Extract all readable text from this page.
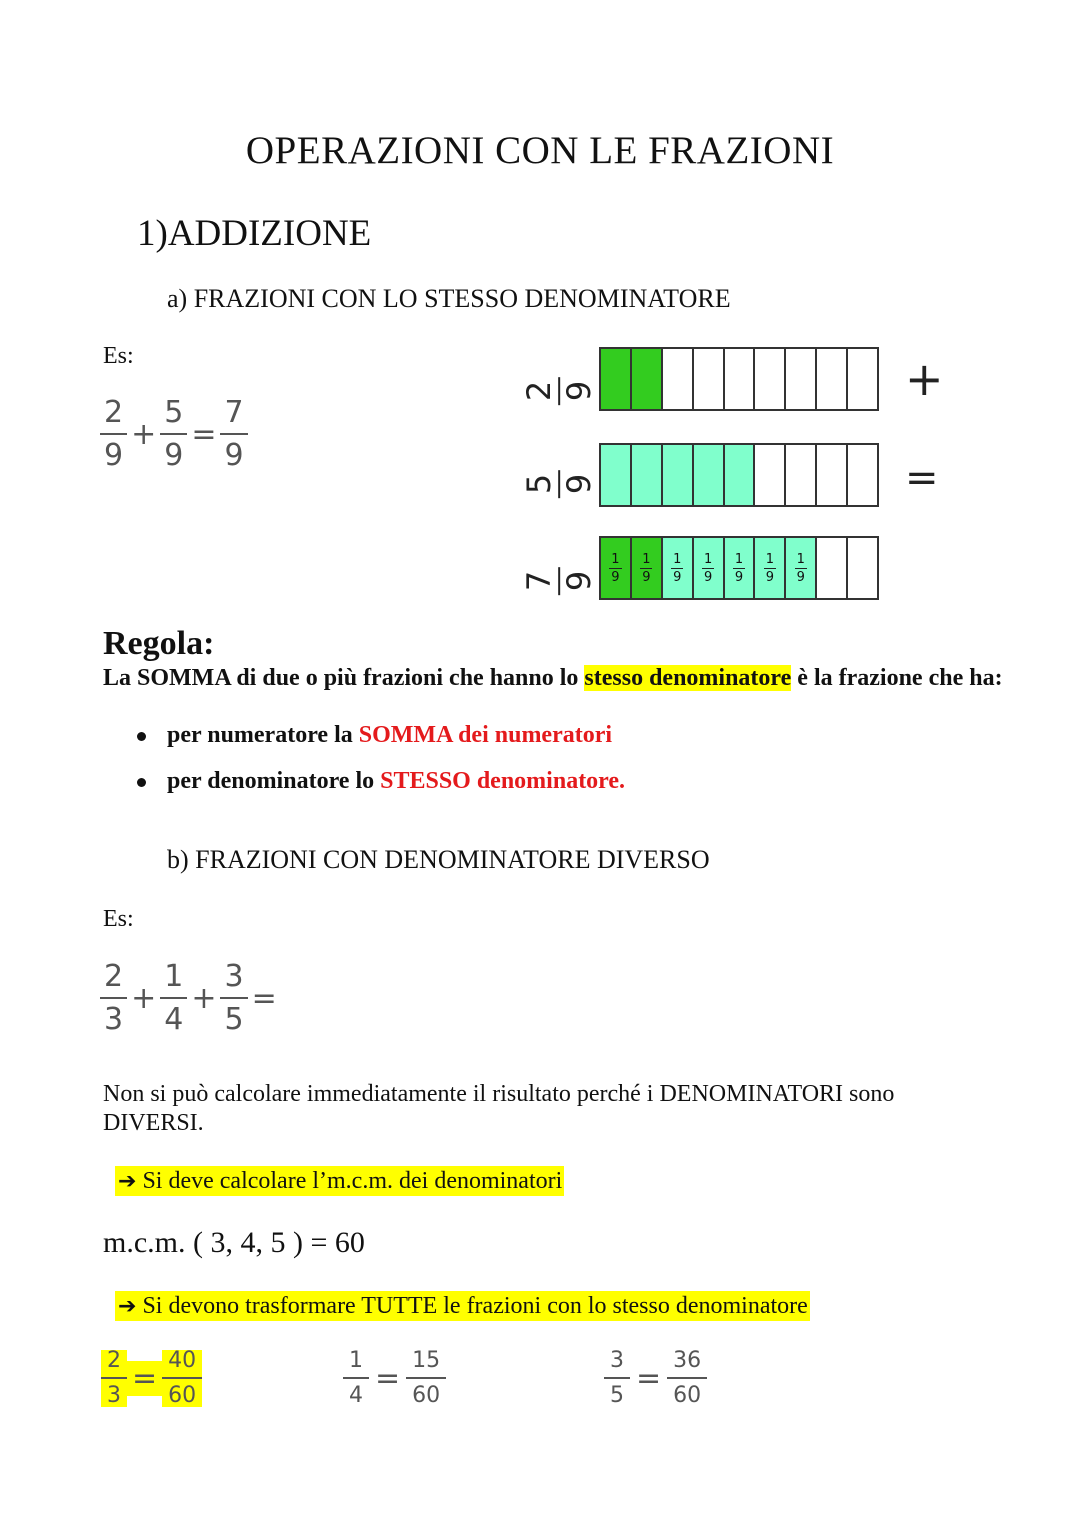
OPERAZIONI CON LE FRAZIONI
1)ADDIZIONE
a) FRAZIONI CON LO STESSO DENOMINATORE
Es:
$\frac{2}{9} + \frac{5}{9} = \frac{7}{9}$
2 9	+
5 9	=
7 9
1
9
1
9
1
9
1
9
1
9
1
9
1
9
Regola:
La SOMMA di due o più frazioni che hanno lo stesso denominatore è la frazione che ha:
per numeratore la SOMMA dei numeratori
per denominatore lo STESSO denominatore.
b) FRAZIONI CON DENOMINATORE DIVERSO
Es:
$\frac{2}{3} + \frac{1}{4} + \frac{3}{5}$ =
Non si può calcolare immediatamente il risultato perché i DENOMINATORI sono DIVERSI.
➔ Si deve calcolare l’m.c.m. dei denominatori
m.c.m. ( 3, 4, 5 ) = 60
➔ Si devono trasformare TUTTE le frazioni con lo stesso denominatore
$\frac{2}{3} = \frac{40}{60}$	$\frac{1}{4} = \frac{15}{60}$	$\frac{3}{5} = \frac{36}{60}$
